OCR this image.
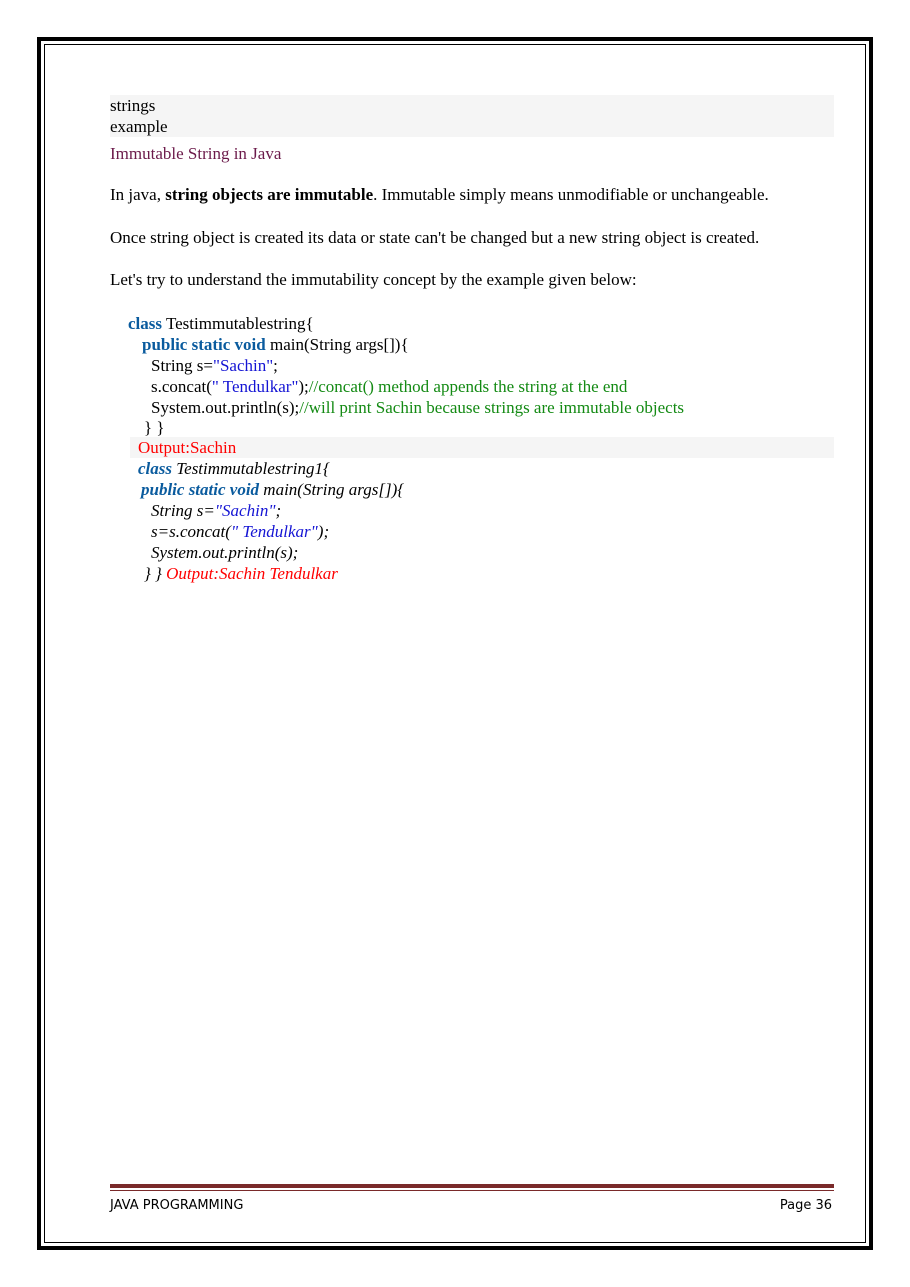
strings
example
Immutable String in Java
In java, string objects are immutable. Immutable simply means unmodifiable or unchangeable.
Once string object is created its data or state can't be changed but a new string object is created.
Let's try to understand the immutability concept by the example given below:
class Testimmutablestring{
public static void main(String args[]){
String s="Sachin";
s.concat(" Tendulkar");//concat() method appends the string at the end
System.out.println(s);//will print Sachin because strings are immutable objects
} }
Output:Sachin
class Testimmutablestring1{
public static void main(String args[]){
String s="Sachin";
s=s.concat(" Tendulkar");
System.out.println(s);
} } Output:Sachin Tendulkar
JAVA PROGRAMMING	Page 36
